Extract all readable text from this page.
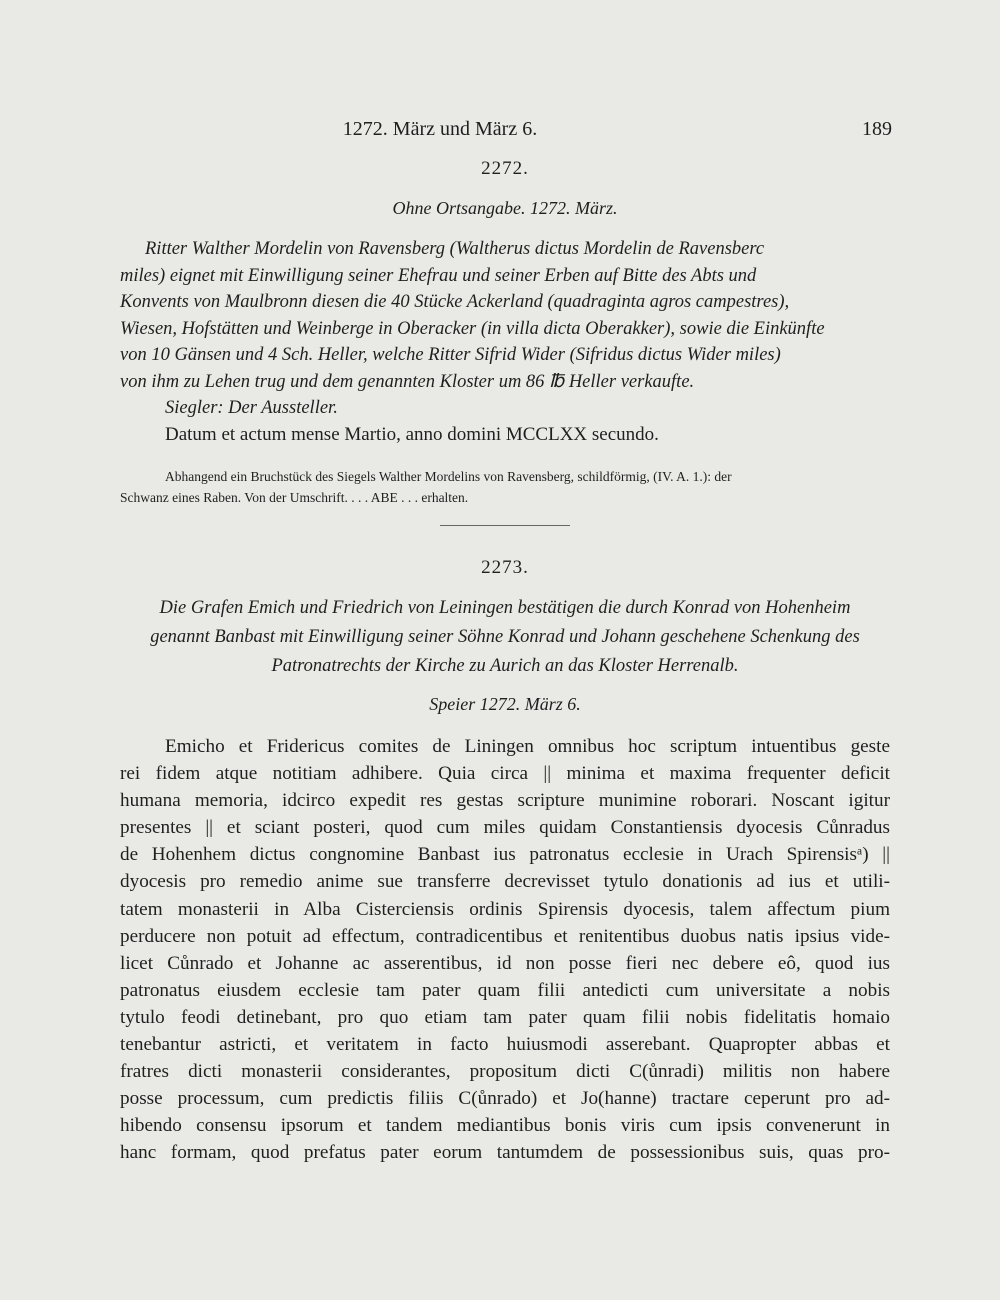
1272. März und März 6.	189
2272.
Ohne Ortsangabe. 1272. März.
Ritter Walther Mordelin von Ravensberg (Waltherus dictus Mordelin de Ravensberc
miles) eignet mit Einwilligung seiner Ehefrau und seiner Erben auf Bitte des Abts und
Konvents von Maulbronn diesen die 40 Stücke Ackerland (quadraginta agros campestres),
Wiesen, Hofstätten und Weinberge in Oberacker (in villa dicta Oberakker), sowie die Einkünfte
von 10 Gänsen und 4 Sch. Heller, welche Ritter Sifrid Wider (Sifridus dictus Wider miles)
von ihm zu Lehen trug und dem genannten Kloster um 86 ℔ Heller verkaufte.
Siegler: Der Aussteller.
Datum et actum mense Martio, anno domini MCCLXX secundo.
Abhangend ein Bruchstück des Siegels Walther Mordelins von Ravensberg, schildförmig, (IV. A. 1.): der
Schwanz eines Raben. Von der Umschrift. . . . ABE . . . erhalten.
2273.
Die Grafen Emich und Friedrich von Leiningen bestätigen die durch Konrad von Hohenheim
genannt Banbast mit Einwilligung seiner Söhne Konrad und Johann geschehene Schenkung des
Patronatrechts der Kirche zu Aurich an das Kloster Herrenalb.
Speier 1272. März 6.
Emicho et Fridericus comites de Liningen omnibus hoc scriptum intuentibus geste
rei fidem atque notitiam adhibere. Quia circa || minima et maxima frequenter deficit
humana memoria, idcirco expedit res gestas scripture munimine roborari. Noscant igitur
presentes || et sciant posteri, quod cum miles quidam Constantiensis dyocesis Cůnradus
de Hohenhem dictus congnomine Banbast ius patronatus ecclesie in Urach Spirensisᵃ) ||
dyocesis pro remedio anime sue transferre decrevisset tytulo donationis ad ius et utili-
tatem monasterii in Alba Cisterciensis ordinis Spirensis dyocesis, talem affectum pium
perducere non potuit ad effectum, contradicentibus et renitentibus duobus natis ipsius vide-
licet Cůnrado et Johanne ac asserentibus, id non posse fieri nec debere eô, quod ius
patronatus eiusdem ecclesie tam pater quam filii antedicti cum universitate a nobis
tytulo feodi detinebant, pro quo etiam tam pater quam filii nobis fidelitatis homaio
tenebantur astricti, et veritatem in facto huiusmodi asserebant. Quapropter abbas et
fratres dicti monasterii considerantes, propositum dicti C(ůnradi) militis non habere
posse processum, cum predictis filiis C(ůnrado) et Jo(hanne) tractare ceperunt pro ad-
hibendo consensu ipsorum et tandem mediantibus bonis viris cum ipsis convenerunt in
hanc formam, quod prefatus pater eorum tantumdem de possessionibus suis, quas pro-
